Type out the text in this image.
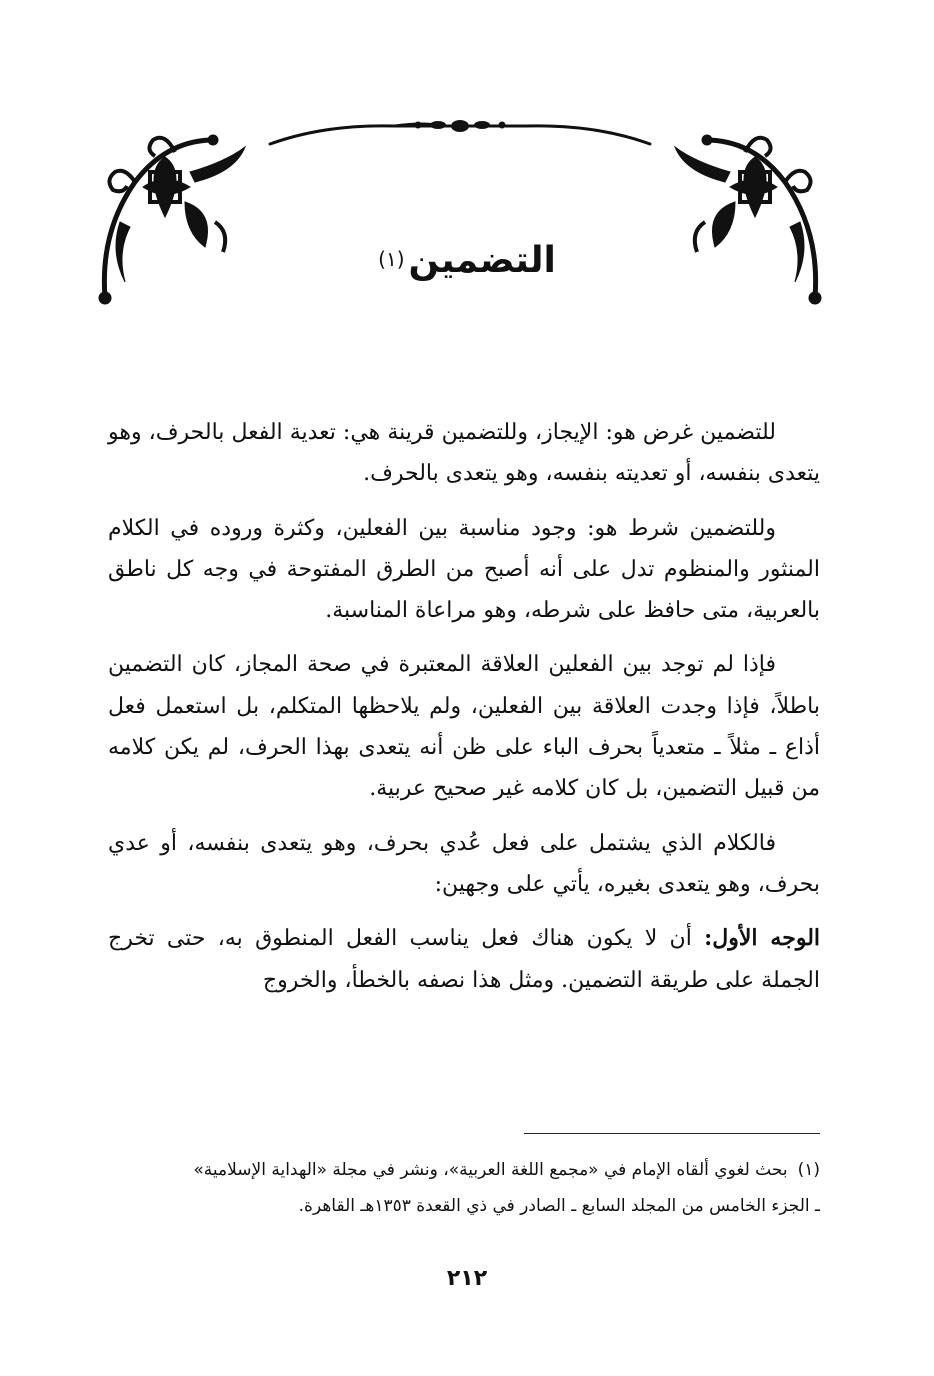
التضمين(١)

للتضمين غرض هو: الإيجاز، وللتضمين قرينة هي: تعدية الفعل بالحرف، وهو يتعدى بنفسه، أو تعديته بنفسه، وهو يتعدى بالحرف.

وللتضمين شرط هو: وجود مناسبة بين الفعلين، وكثرة وروده في الكلام المنثور والمنظوم تدل على أنه أصبح من الطرق المفتوحة في وجه كل ناطق بالعربية، متى حافظ على شرطه، وهو مراعاة المناسبة.

فإذا لم توجد بين الفعلين العلاقة المعتبرة في صحة المجاز، كان التضمين باطلاً، فإذا وجدت العلاقة بين الفعلين، ولم يلاحظها المتكلم، بل استعمل فعل أذاع ـ مثلاً ـ متعدياً بحرف الباء على ظن أنه يتعدى بهذا الحرف، لم يكن كلامه من قبيل التضمين، بل كان كلامه غير صحيح عربية.

فالكلام الذي يشتمل على فعل عُدي بحرف، وهو يتعدى بنفسه، أو عدي بحرف، وهو يتعدى بغيره، يأتي على وجهين:

الوجه الأول: أن لا يكون هناك فعل يناسب الفعل المنطوق به، حتى تخرج الجملة على طريقة التضمين. ومثل هذا نصفه بالخطأ، والخروج

(١)بحث لغوي ألقاه الإمام في «مجمع اللغة العربية»، ونشر في مجلة «الهداية الإسلامية»
ـ الجزء الخامس من المجلد السابع ـ الصادر في ذي القعدة ١٣٥٣هـ القاهرة.
٢١٢
